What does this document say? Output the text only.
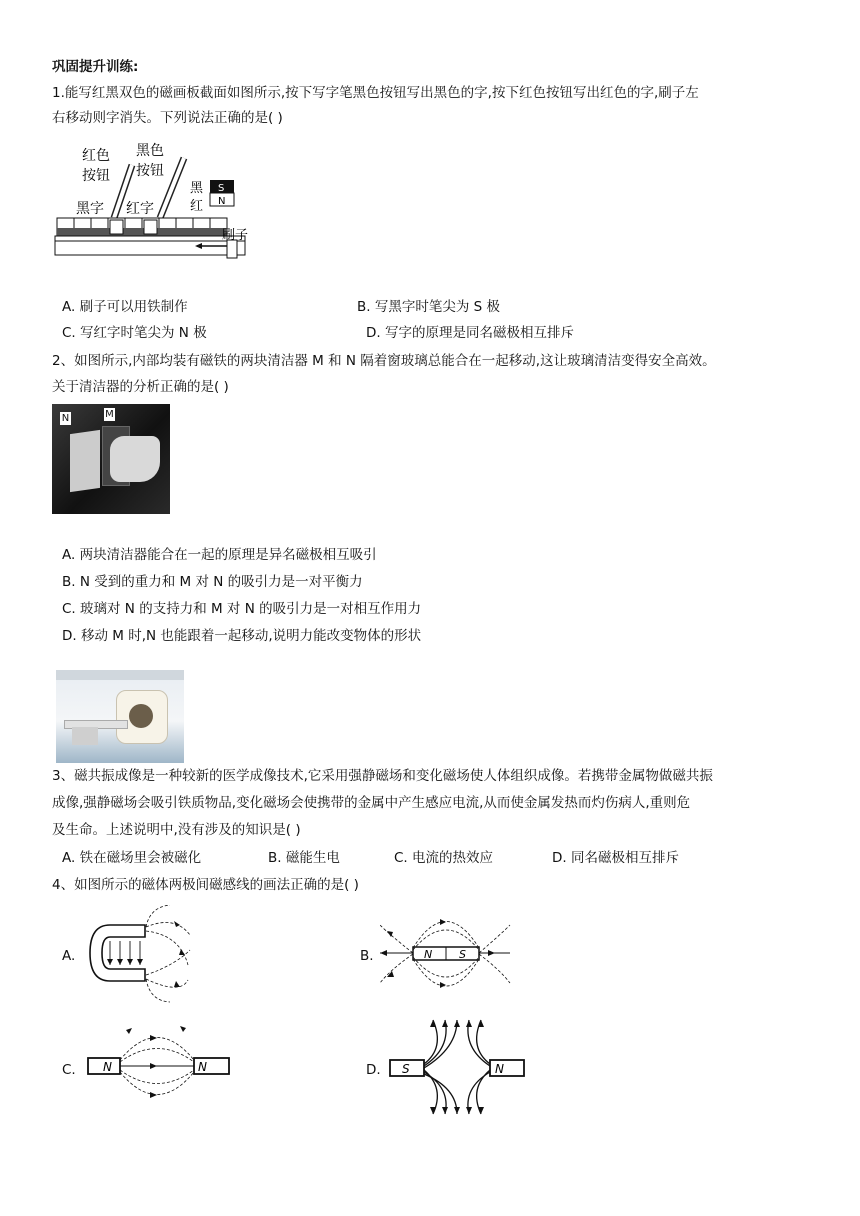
巩固提升训练:
1.能写红黑双色的磁画板截面如图所示,按下写字笔黑色按钮写出黑色的字,按下红色按钮写出红色的字,刷子左
右移动则字消失。下列说法正确的是( )
红色
按钮
黑色
按钮
黑字 红字
S
N
黑
红
刷子
A. 刷子可以用铁制作	B. 写黑字时笔尖为 S 极
C. 写红字时笔尖为 N 极	D. 写字的原理是同名磁极相互排斥
2、如图所示,内部均装有磁铁的两块清洁器 M 和 N 隔着窗玻璃总能合在一起移动,这让玻璃清洁变得安全高效。
关于清洁器的分析正确的是( )
N	M
A. 两块清洁器能合在一起的原理是异名磁极相互吸引
B. N 受到的重力和 M 对 N 的吸引力是一对平衡力
C. 玻璃对 N 的支持力和 M 对 N 的吸引力是一对相互作用力
D. 移动 M 时,N 也能跟着一起移动,说明力能改变物体的形状
3、磁共振成像是一种较新的医学成像技术,它采用强静磁场和变化磁场使人体组织成像。若携带金属物做磁共振
成像,强静磁场会吸引铁质物品,变化磁场会使携带的金属中产生感应电流,从而使金属发热而灼伤病人,重则危
及生命。上述说明中,没有涉及的知识是( )
A. 铁在磁场里会被磁化	B. 磁能生电	C. 电流的热效应	D. 同名磁极相互排斥
4、如图所示的磁体两极间磁感线的画法正确的是( )
A.	B.	N S
C. N	N	D. S	N
